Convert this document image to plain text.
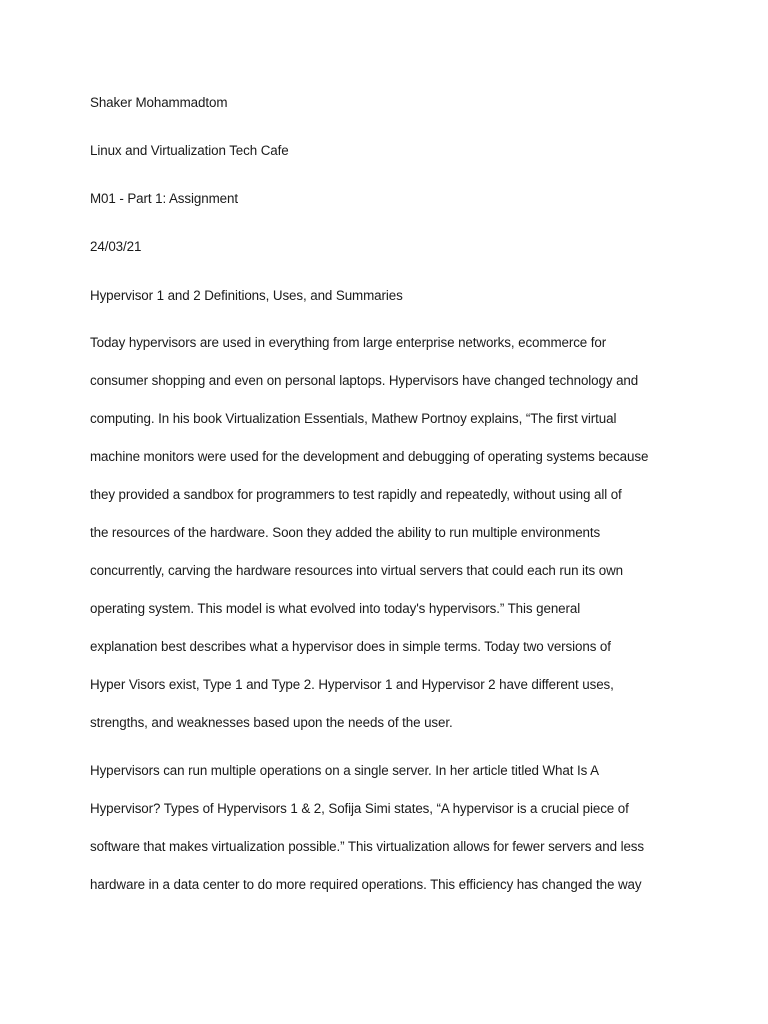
Shaker Mohammadtom
Linux and Virtualization Tech Cafe
M01 - Part 1: Assignment
24/03/21
Hypervisor 1 and 2 Definitions, Uses, and Summaries
Today hypervisors are used in everything from large enterprise networks, ecommerce for
consumer shopping and even on personal laptops. Hypervisors have changed technology and
computing. In his book Virtualization Essentials, Mathew Portnoy explains, “The first virtual
machine monitors were used for the development and debugging of operating systems because
they provided a sandbox for programmers to test rapidly and repeatedly, without using all of
the resources of the hardware. Soon they added the ability to run multiple environments
concurrently, carving the hardware resources into virtual servers that could each run its own
operating system. This model is what evolved into today's hypervisors.” This general
explanation best describes what a hypervisor does in simple terms. Today two versions of
Hyper Visors exist, Type 1 and Type 2. Hypervisor 1 and Hypervisor 2 have different uses,
strengths, and weaknesses based upon the needs of the user.
Hypervisors can run multiple operations on a single server. In her article titled What Is A
Hypervisor? Types of Hypervisors 1 & 2, Sofija Simi states, “A hypervisor is a crucial piece of
software that makes virtualization possible.” This virtualization allows for fewer servers and less
hardware in a data center to do more required operations. This efficiency has changed the way
